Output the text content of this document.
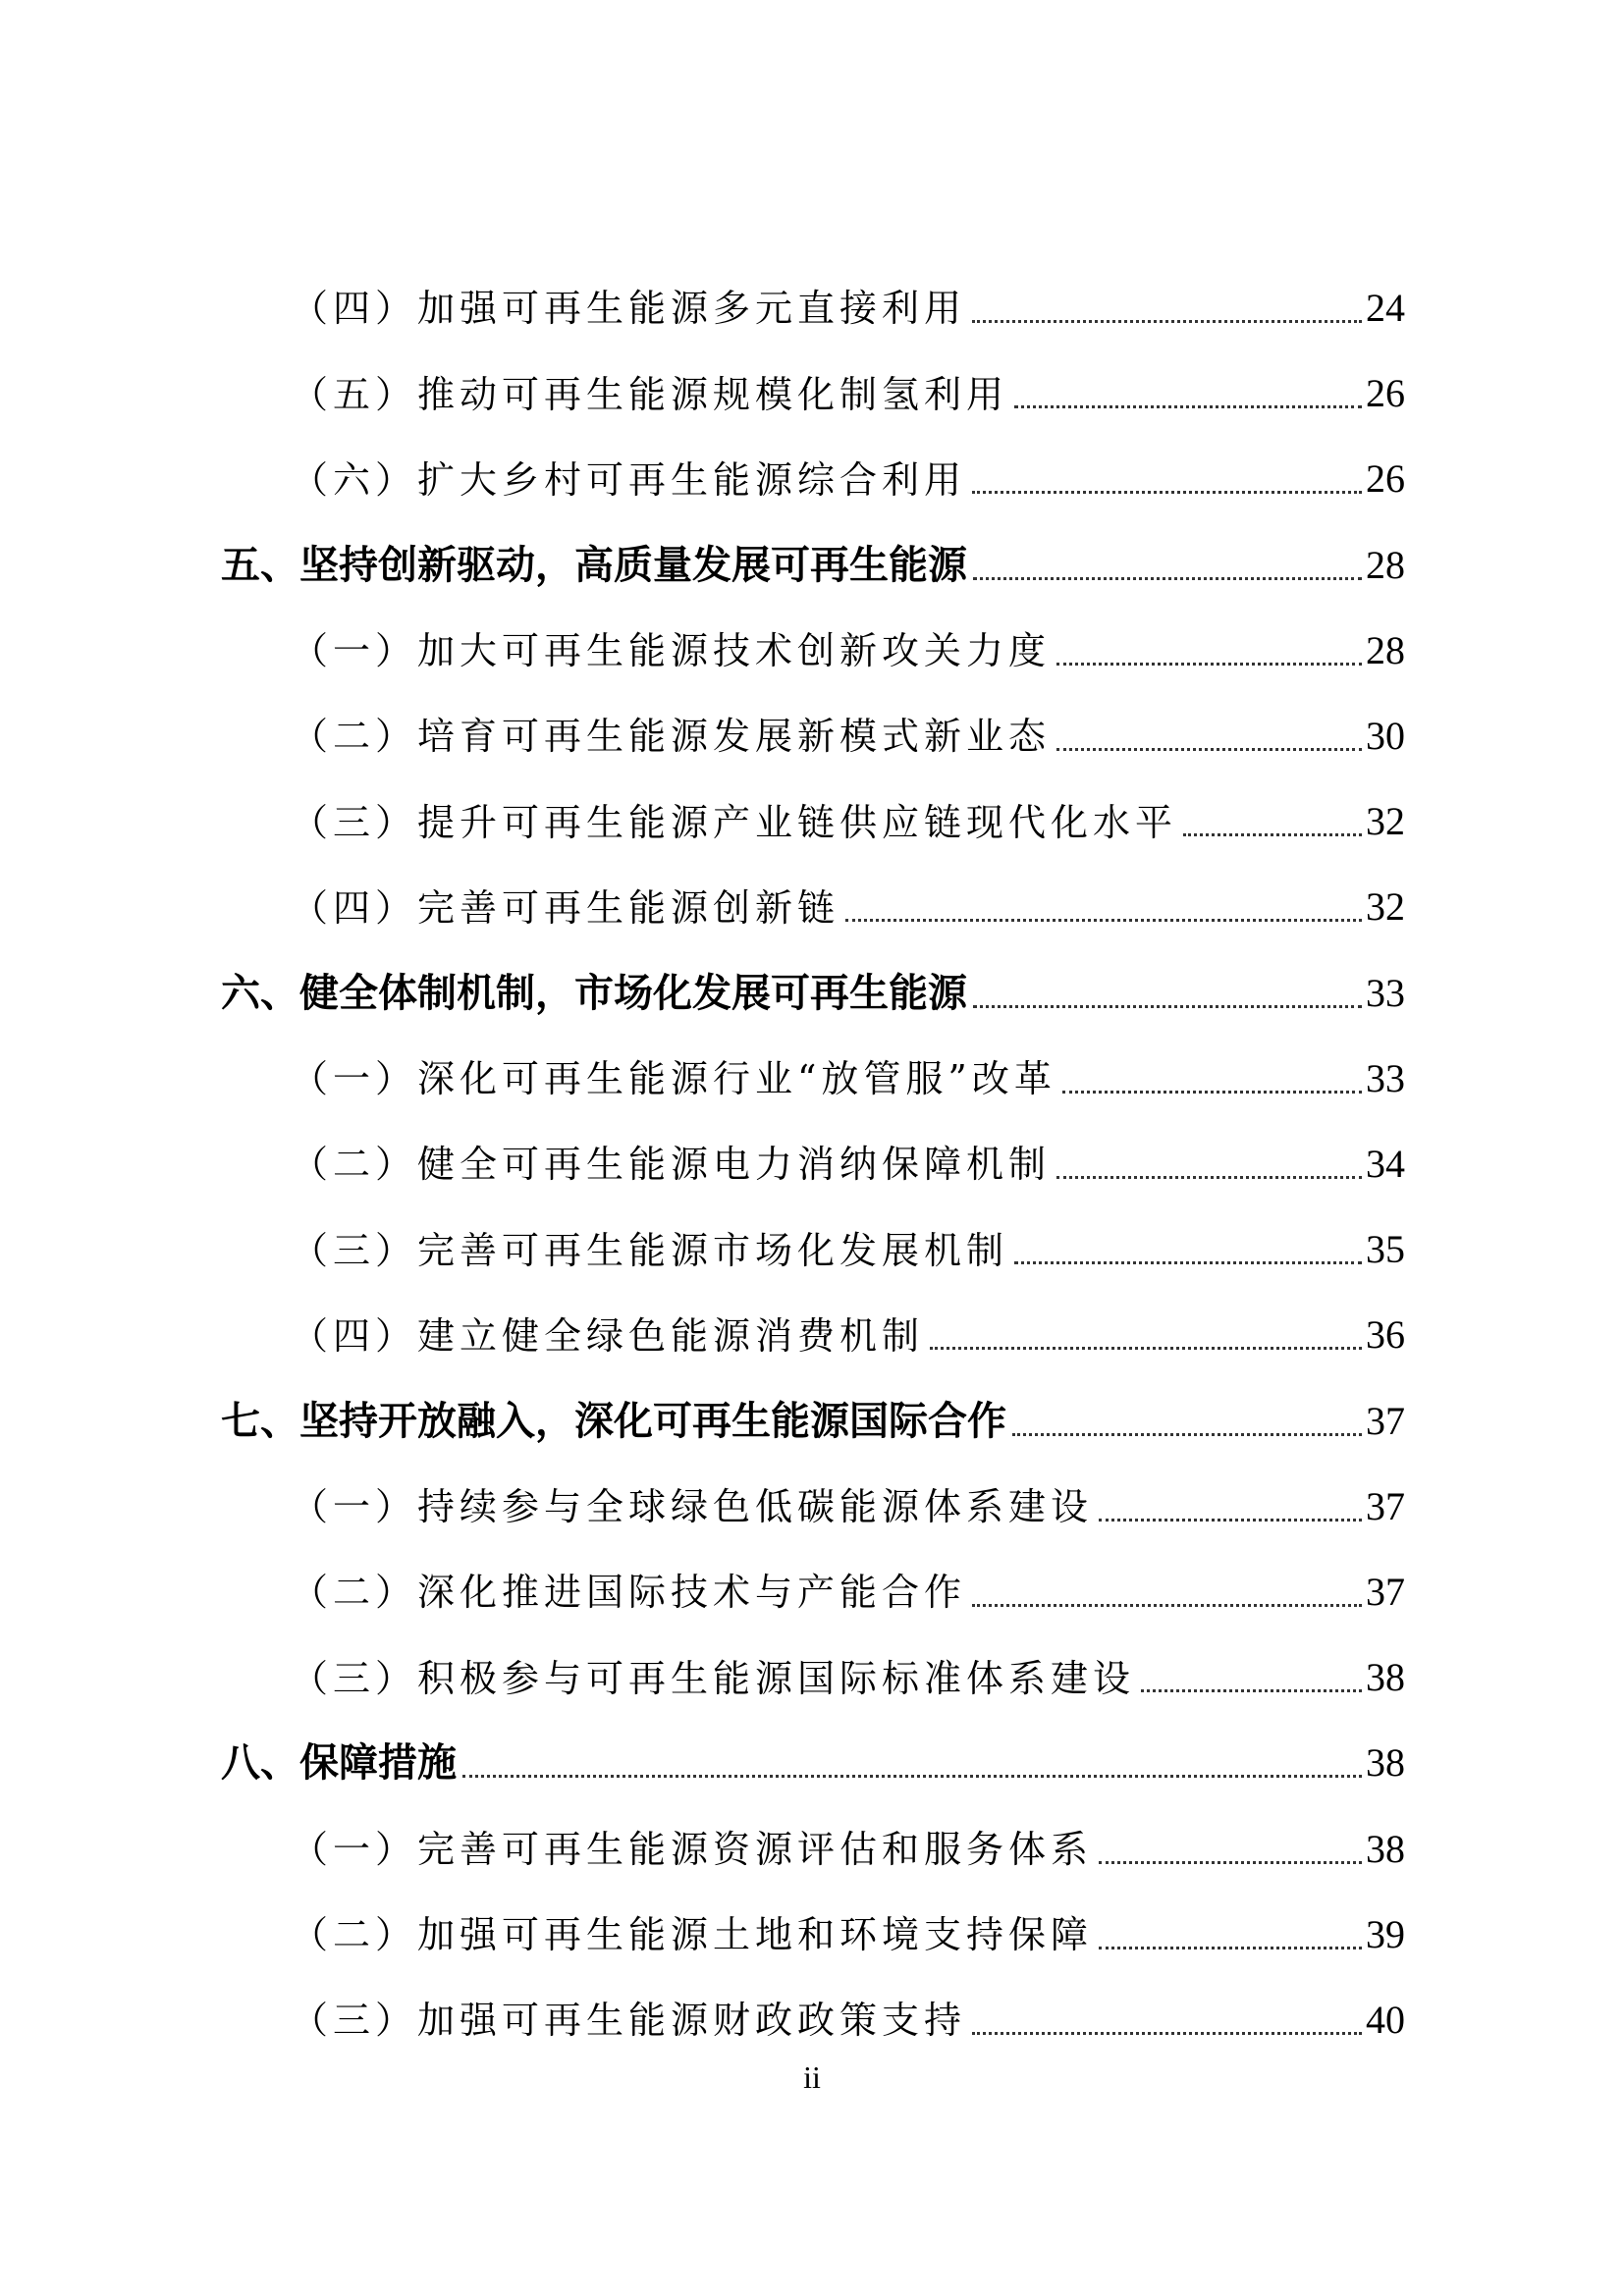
（四）加强可再生能源多元直接利用	24
（五）推动可再生能源规模化制氢利用	26
（六）扩大乡村可再生能源综合利用	26
五、坚持创新驱动，高质量发展可再生能源	28
（一）加大可再生能源技术创新攻关力度	28
（二）培育可再生能源发展新模式新业态	30
（三）提升可再生能源产业链供应链现代化水平	32
（四）完善可再生能源创新链	32
六、健全体制机制，市场化发展可再生能源	33
（一）深化可再生能源行业“放管服”改革	33
（二）健全可再生能源电力消纳保障机制	34
（三）完善可再生能源市场化发展机制	35
（四）建立健全绿色能源消费机制	36
七、坚持开放融入，深化可再生能源国际合作	37
（一）持续参与全球绿色低碳能源体系建设	37
（二）深化推进国际技术与产能合作	37
（三）积极参与可再生能源国际标准体系建设	38
八、保障措施	38
（一）完善可再生能源资源评估和服务体系	38
（二）加强可再生能源土地和环境支持保障	39
（三）加强可再生能源财政政策支持	40
ii
